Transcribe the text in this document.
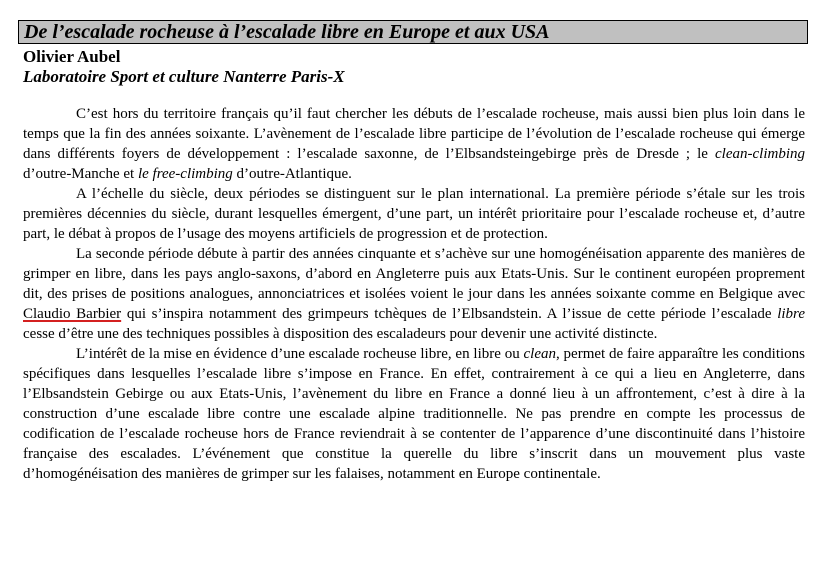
De l’escalade rocheuse à l’escalade libre en Europe et aux USA
Olivier Aubel
Laboratoire Sport et culture Nanterre Paris-X

C’est hors du territoire français qu’il faut chercher les débuts de l’escalade rocheuse, mais aussi bien plus loin dans le temps que la fin des années soixante. L’avènement de l’escalade libre participe de l’évolution de l’escalade rocheuse qui émerge dans différents foyers de développement : l’escalade saxonne, de l’Elbsandsteingebirge près de Dresde ; le clean-climbing d’outre-Manche et le free-climbing d’outre-Atlantique.

A l’échelle du siècle, deux périodes se distinguent sur le plan international. La première période s’étale sur les trois premières décennies du siècle, durant lesquelles émergent, d’une part, un intérêt prioritaire pour l’escalade rocheuse et, d’autre part, le débat à propos de l’usage des moyens artificiels de progression et de protection.

La seconde période débute à partir des années cinquante et s’achève sur une homogénéisation apparente des manières de grimper en libre, dans les pays anglo-saxons, d’abord en Angleterre puis aux Etats-Unis. Sur le continent européen proprement dit, des prises de positions analogues, annonciatrices et isolées voient le jour dans les années soixante comme en Belgique avec Claudio Barbier qui s’inspira notamment des grimpeurs tchèques de l’Elbsandstein. A l’issue de cette période l’escalade libre cesse d’être une des techniques possibles à disposition des escaladeurs pour devenir une activité distincte.

L’intérêt de la mise en évidence d’une escalade rocheuse libre, en libre ou clean, permet de faire apparaître les conditions spécifiques dans lesquelles l’escalade libre s’impose en France. En effet, contrairement à ce qui a lieu en Angleterre, dans l’Elbsandstein Gebirge ou aux Etats-Unis, l’avènement du libre en France a donné lieu à un affrontement, c’est à dire à la construction d’une escalade libre contre une escalade alpine traditionnelle. Ne pas prendre en compte les processus de codification de l’escalade rocheuse hors de France reviendrait à se contenter de l’apparence d’une discontinuité dans l’histoire française des escalades. L’événement que constitue la querelle du libre s’inscrit dans un mouvement plus vaste d’homogénéisation des manières de grimper sur les falaises, notamment en Europe continentale.
